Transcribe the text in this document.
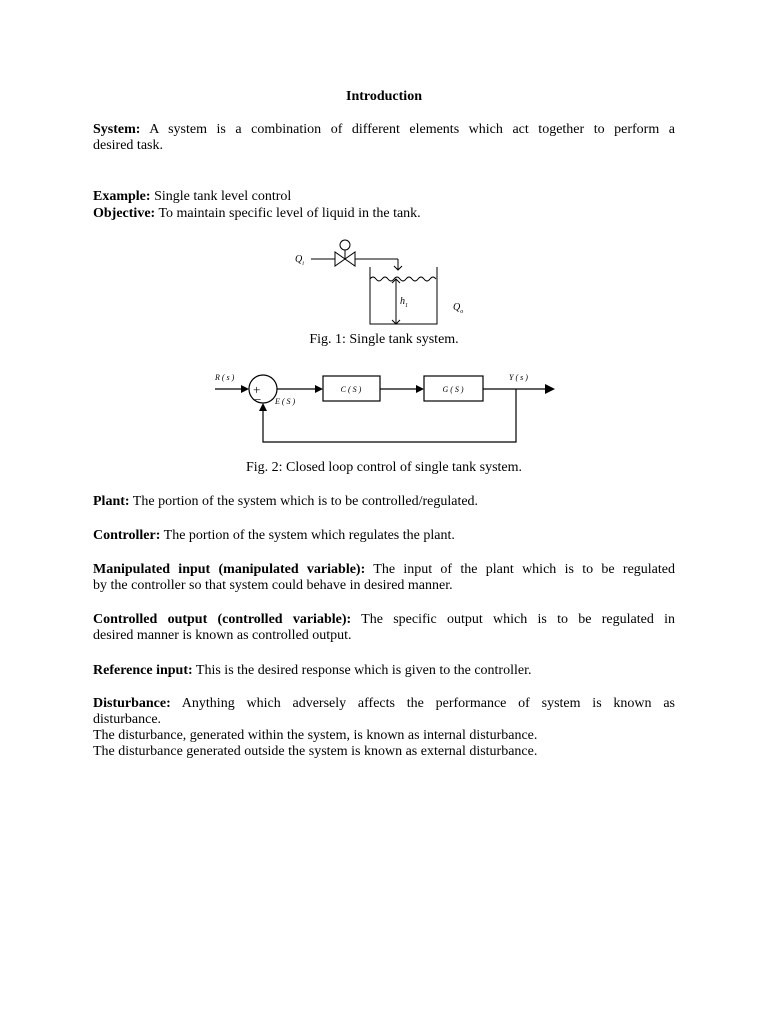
Introduction

System: A system is a combination of different elements which act together to perform a
desired task.

Example: Single tank level control

Objective: To maintain specific level of liquid in the tank.

$Q_i$
$h_1$	$Q_o$

Fig. 1: Single tank system.

R ( s )
+
− E ( S )
C ( S )	G ( S )
Y ( s )

Fig. 2: Closed loop control of single tank system.

Plant: The portion of the system which is to be controlled/regulated.

Controller: The portion of the system which regulates the plant.

Manipulated input (manipulated variable): The input of the plant which is to be regulated
by the controller so that system could behave in desired manner.

Controlled output (controlled variable): The specific output which is to be regulated in
desired manner is known as controlled output.

Reference input: This is the desired response which is given to the controller.

Disturbance: Anything which adversely affects the performance of system is known as
disturbance.
The disturbance, generated within the system, is known as internal disturbance.
The disturbance generated outside the system is known as external disturbance.
